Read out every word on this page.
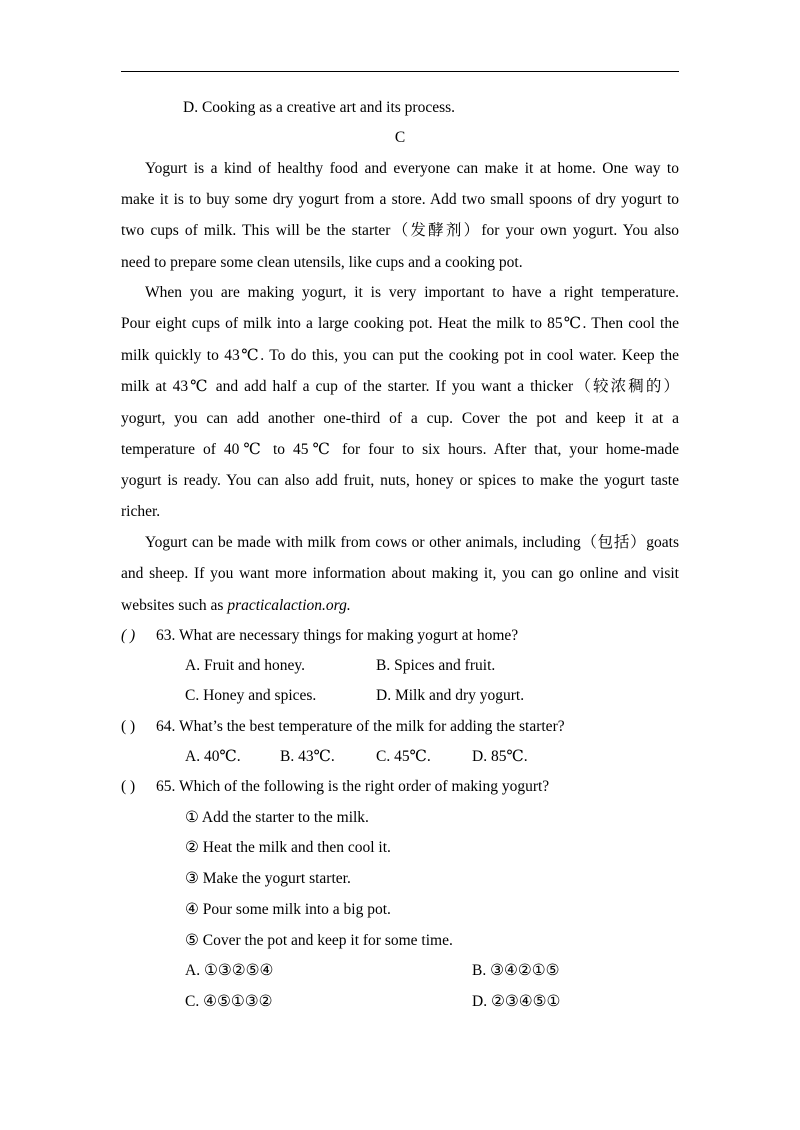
D. Cooking as a creative art and its process.
C
Yogurt is a kind of healthy food and everyone can make it at home. One way to
make it is to buy some dry yogurt from a store. Add two small spoons of dry yogurt to
two cups of milk. This will be the starter（发酵剂）for your own yogurt. You also
need to prepare some clean utensils, like cups and a cooking pot.
When you are making yogurt, it is very important to have a right temperature.
Pour eight cups of milk into a large cooking pot. Heat the milk to 85℃. Then cool the
milk quickly to 43℃. To do this, you can put the cooking pot in cool water. Keep the
milk at 43℃ and add half a cup of the starter. If you want a thicker（较浓稠的）
yogurt, you can add another one-third of a cup. Cover the pot and keep it at a
temperature of 40℃ to 45℃ for four to six hours. After that, your home-made
yogurt is ready. You can also add fruit, nuts, honey or spices to make the yogurt taste
richer.
Yogurt can be made with milk from cows or other animals, including（包括）goats
and sheep. If you want more information about making it, you can go online and visit
websites such as practicalaction.org.
( ) 63. What are necessary things for making yogurt at home?
A. Fruit and honey.	B. Spices and fruit.
C. Honey and spices.	D. Milk and dry yogurt.
( ) 64. What’s the best temperature of the milk for adding the starter?
A. 40℃.	B. 43℃.	C. 45℃.	D. 85℃.
( ) 65. Which of the following is the right order of making yogurt?
① Add the starter to the milk.
② Heat the milk and then cool it.
③ Make the yogurt starter.
④ Pour some milk into a big pot.
⑤ Cover the pot and keep it for some time.
A. ①③②⑤④	B. ③④②①⑤
C. ④⑤①③②	D. ②③④⑤①
